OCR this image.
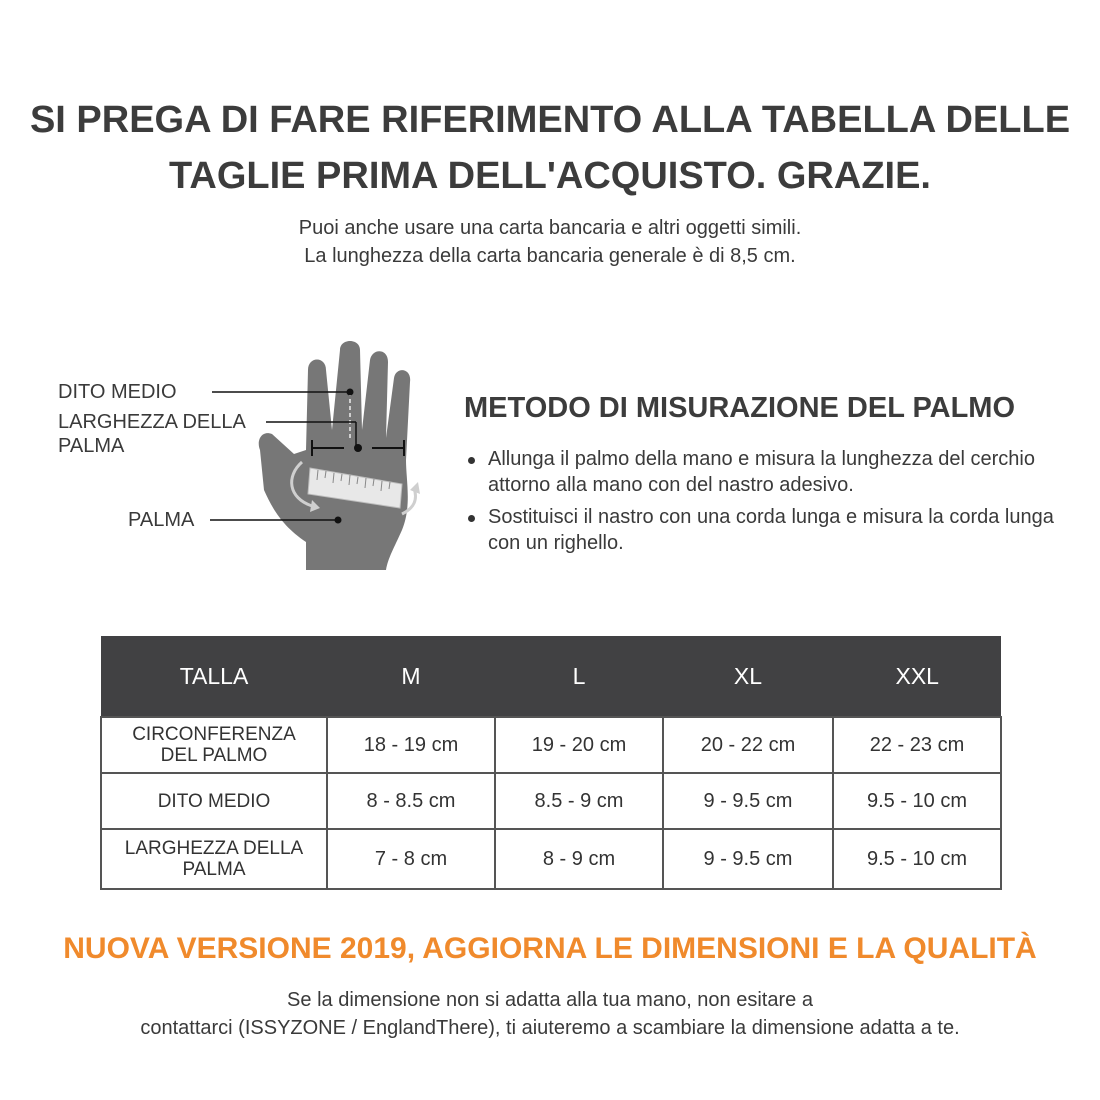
SI PREGA DI FARE RIFERIMENTO ALLA TABELLA DELLE
TAGLIE PRIMA DELL'ACQUISTO. GRAZIE.
Puoi anche usare una carta bancaria e altri oggetti simili.
La lunghezza della carta bancaria generale è di 8,5 cm.
DITO MEDIO
LARGHEZZA DELLA
PALMA
PALMA
METODO DI MISURAZIONE DEL PALMO
Allunga il palmo della mano e misura la lunghezza del cerchio attorno alla mano con del nastro adesivo.
Sostituisci il nastro con una corda lunga e misura la corda lunga con un righello.
TALLA	M	L	XL	XXL

CIRCONFERENZA
DEL PALMO	18 - 19 cm	19 - 20 cm	20 - 22 cm	22 - 23 cm

DITO MEDIO	8 - 8.5 cm	8.5 - 9 cm	9 - 9.5 cm	9.5 - 10 cm

LARGHEZZA DELLA
PALMA	7 - 8 cm	8 - 9 cm	9 - 9.5 cm	9.5 - 10 cm
NUOVA VERSIONE 2019, AGGIORNA LE DIMENSIONI E LA QUALITÀ
Se la dimensione non si adatta alla tua mano, non esitare a
contattarci (ISSYZONE / EnglandThere), ti aiuteremo a scambiare la dimensione adatta a te.
